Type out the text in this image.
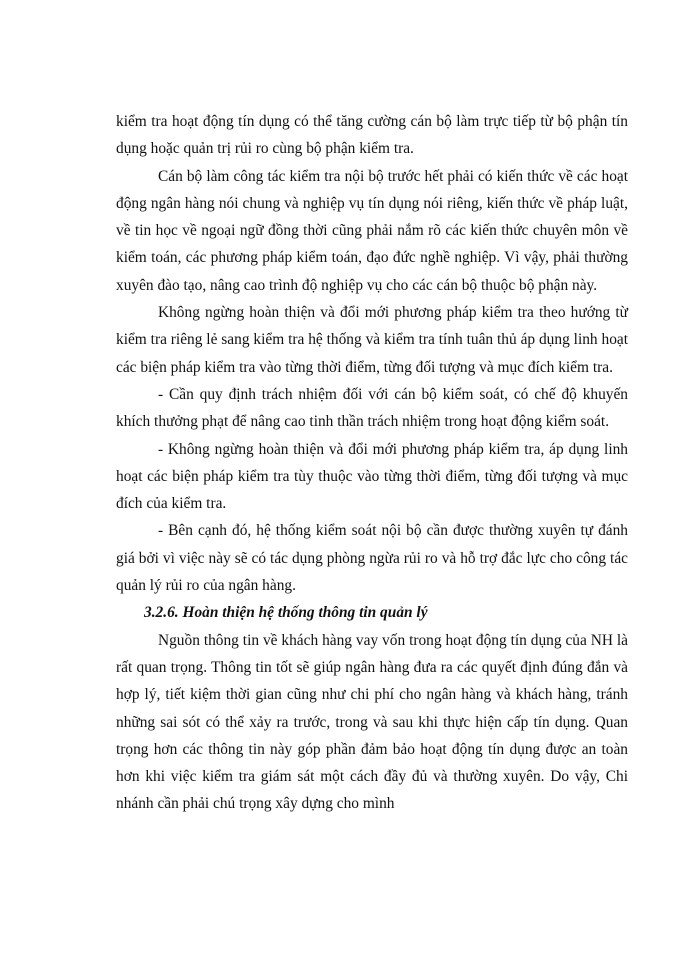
kiểm tra hoạt động tín dụng có thể tăng cường cán bộ làm trực tiếp từ bộ phận tín dụng hoặc quản trị rủi ro cùng bộ phận kiểm tra.

Cán bộ làm công tác kiểm tra nội bộ trước hết phải có kiến thức về các hoạt động ngân hàng nói chung và nghiệp vụ tín dụng nói riêng, kiến thức về pháp luật, về tin học về ngoại ngữ đồng thời cũng phải nắm rõ các kiến thức chuyên môn về kiểm toán, các phương pháp kiểm toán, đạo đức nghề nghiệp. Vì vậy, phải thường xuyên đào tạo, nâng cao trình độ nghiệp vụ cho các cán bộ thuộc bộ phận này.

Không ngừng hoàn thiện và đổi mới phương pháp kiểm tra theo hướng từ kiểm tra riêng lẻ sang kiểm tra hệ thống và kiểm tra tính tuân thủ áp dụng linh hoạt các biện pháp kiểm tra vào từng thời điểm, từng đối tượng và mục đích kiểm tra.

- Cần quy định trách nhiệm đối với cán bộ kiểm soát, có chế độ khuyến khích thưởng phạt để nâng cao tinh thần trách nhiệm trong hoạt động kiểm soát.

- Không ngừng hoàn thiện và đổi mới phương pháp kiểm tra, áp dụng linh hoạt các biện pháp kiểm tra tùy thuộc vào từng thời điểm, từng đối tượng và mục đích của kiểm tra.

- Bên cạnh đó, hệ thống kiểm soát nội bộ cần được thường xuyên tự đánh giá bởi vì việc này sẽ có tác dụng phòng ngừa rủi ro và hỗ trợ đắc lực cho công tác quản lý rủi ro của ngân hàng.

3.2.6. Hoàn thiện hệ thống thông tin quản lý

Nguồn thông tin về khách hàng vay vốn trong hoạt động tín dụng của NH là rất quan trọng. Thông tin tốt sẽ giúp ngân hàng đưa ra các quyết định đúng đắn và hợp lý, tiết kiệm thời gian cũng như chi phí cho ngân hàng và khách hàng, tránh những sai sót có thể xảy ra trước, trong và sau khi thực hiện cấp tín dụng. Quan trọng hơn các thông tin này góp phần đảm bảo hoạt động tín dụng được an toàn hơn khi việc kiểm tra giám sát một cách đầy đủ và thường xuyên. Do vậy, Chi nhánh cần phải chú trọng xây dựng cho mình
